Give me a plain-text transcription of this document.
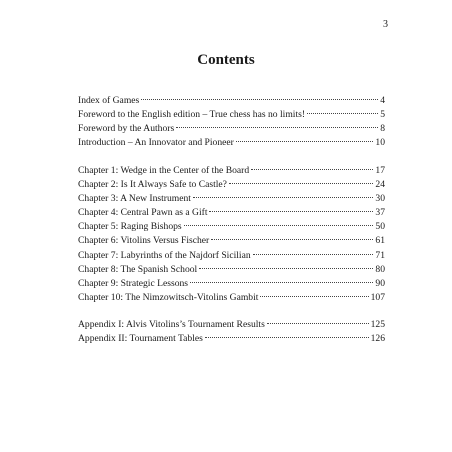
3
Contents
Index of Games	4
Foreword to the English edition – True chess has no limits!	5
Foreword by the Authors	8
Introduction – An Innovator and Pioneer	10
Chapter 1: Wedge in the Center of the Board	17
Chapter 2: Is It Always Safe to Castle?	24
Chapter 3: A New Instrument	30
Chapter 4: Central Pawn as a Gift	37
Chapter 5: Raging Bishops	50
Chapter 6: Vitolins Versus Fischer	61
Chapter 7: Labyrinths of the Najdorf Sicilian	71
Chapter 8: The Spanish School	80
Chapter 9: Strategic Lessons	90
Chapter 10: The Nimzowitsch-Vitolins Gambit	107
Appendix I: Alvis Vitolins’s Tournament Results	125
Appendix II: Tournament Tables	126
